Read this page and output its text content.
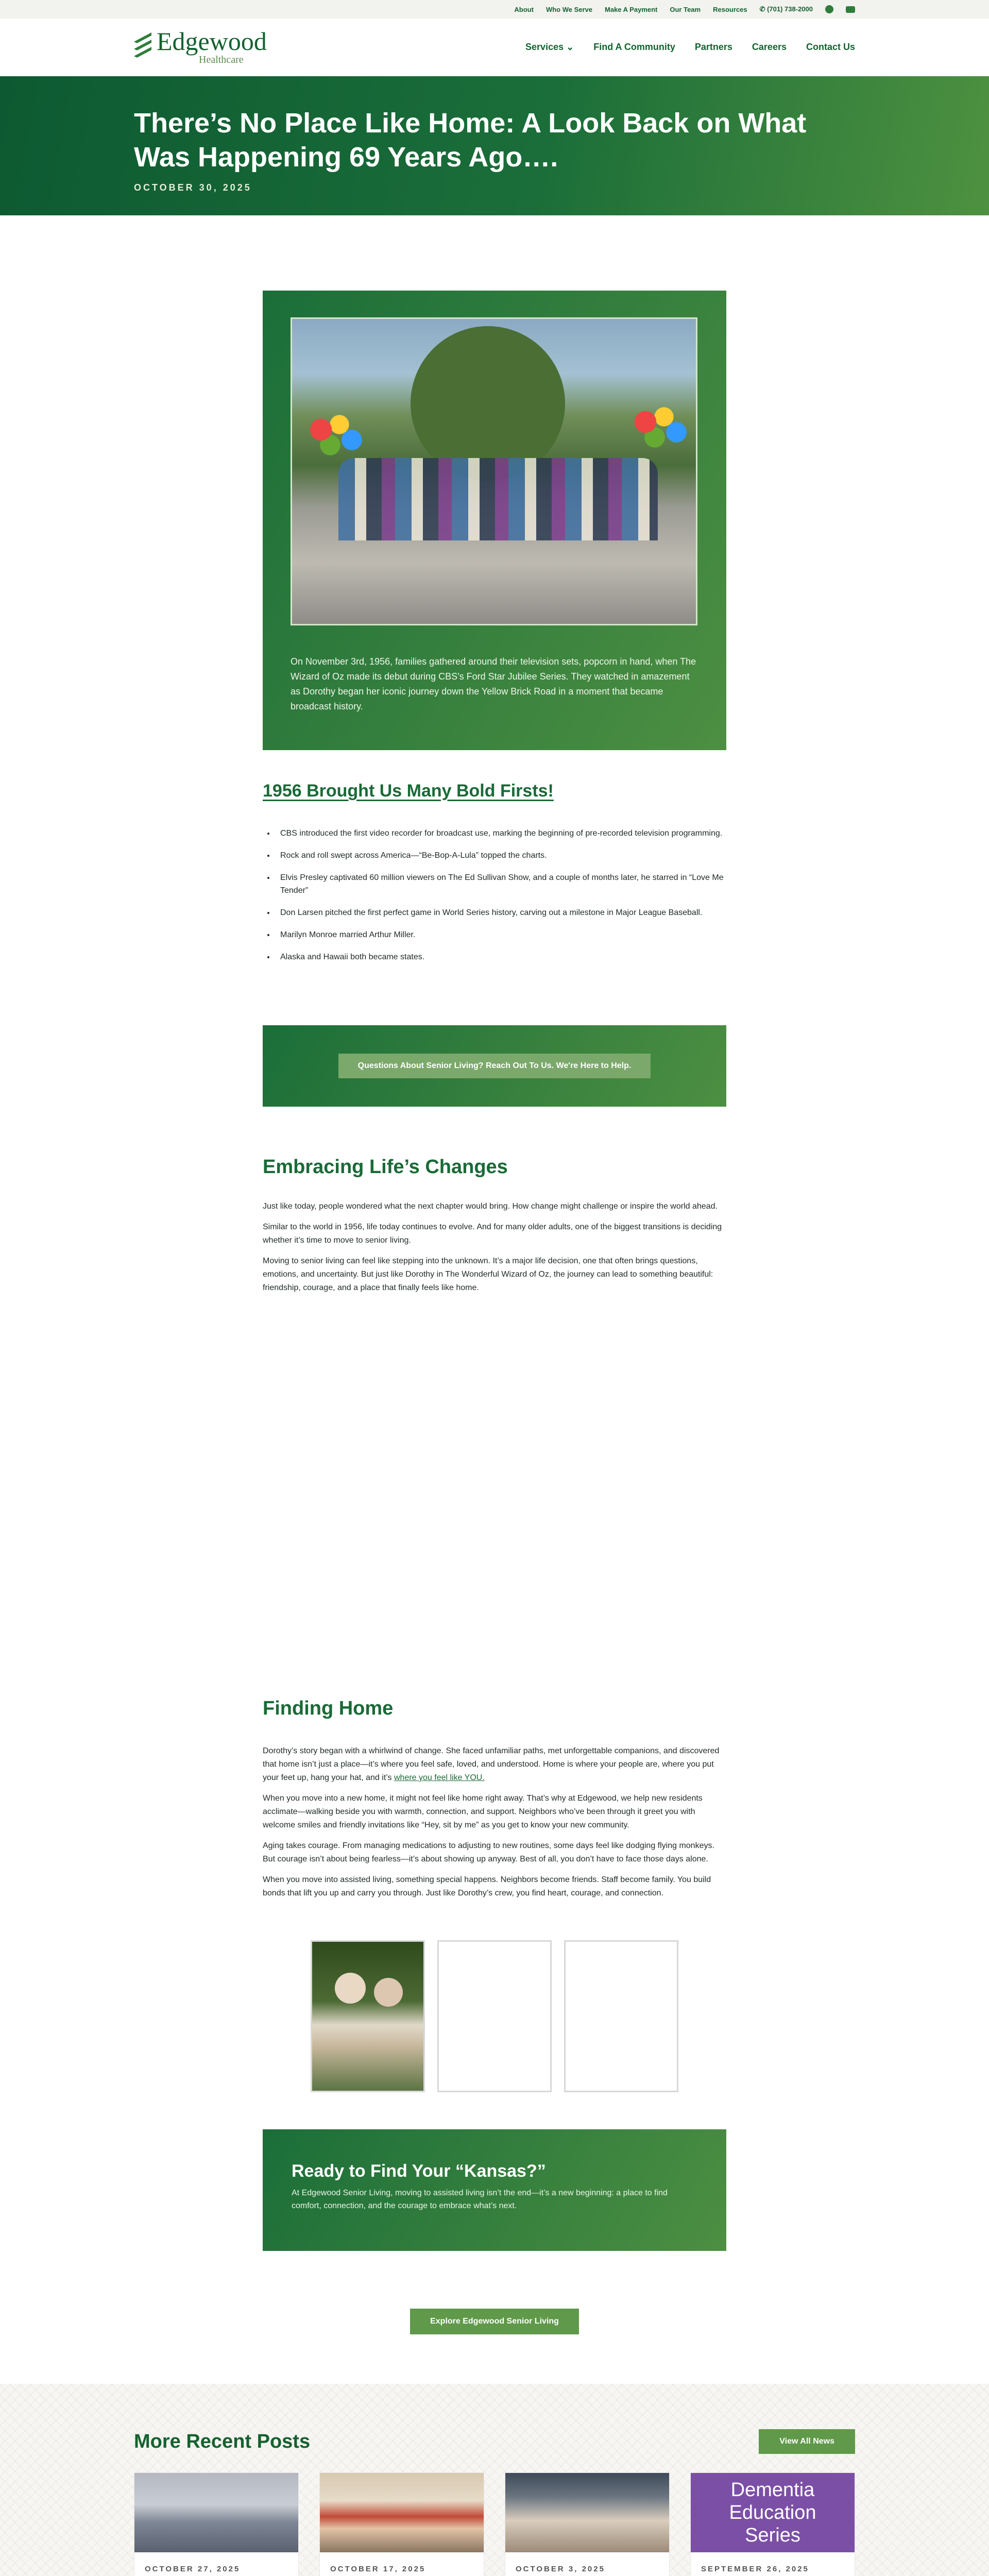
About Who We Serve Make A Payment Our Team Resources ✆ (701) 738-2000
Edgewood
Healthcare
Services ⌄ Find A Community Partners Careers Contact Us
There’s No Place Like Home: A Look Back on What Was Happening 69 Years Ago….
OCTOBER 30, 2025

On November 3rd, 1956, families gathered around their television sets, popcorn in hand, when The Wizard of Oz made its debut during CBS's Ford Star Jubilee Series. They watched in amazement as Dorothy began her iconic journey down the Yellow Brick Road in a moment that became broadcast history.

1956 Brought Us Many Bold Firsts!
• CBS introduced the first video recorder for broadcast use, marking the beginning of pre-recorded television programming.
• Rock and roll swept across America—“Be-Bop-A-Lula” topped the charts.
• Elvis Presley captivated 60 million viewers on The Ed Sullivan Show, and a couple of months later, he starred in “Love Me Tender”
• Don Larsen pitched the first perfect game in World Series history, carving out a milestone in Major League Baseball.
• Marilyn Monroe married Arthur Miller.
• Alaska and Hawaii both became states.
Questions About Senior Living? Reach Out To Us. We're Here to Help.
Embracing Life’s Changes

Just like today, people wondered what the next chapter would bring. How change might challenge or inspire the world ahead.

Similar to the world in 1956, life today continues to evolve. And for many older adults, one of the biggest transitions is deciding whether it’s time to move to senior living.

Moving to senior living can feel like stepping into the unknown. It’s a major life decision, one that often brings questions, emotions, and uncertainty. But just like Dorothy in The Wonderful Wizard of Oz, the journey can lead to something beautiful: friendship, courage, and a place that finally feels like home.

Finding Home

Dorothy’s story began with a whirlwind of change. She faced unfamiliar paths, met unforgettable companions, and discovered that home isn’t just a place—it’s where you feel safe, loved, and understood. Home is where your people are, where you put your feet up, hang your hat, and it’s where you feel like YOU.

When you move into a new home, it might not feel like home right away. That’s why at Edgewood, we help new residents acclimate—walking beside you with warmth, connection, and support. Neighbors who’ve been through it greet you with welcome smiles and friendly invitations like “Hey, sit by me” as you get to know your new community.

Aging takes courage. From managing medications to adjusting to new routines, some days feel like dodging flying monkeys. But courage isn’t about being fearless—it’s about showing up anyway. Best of all, you don’t have to face those days alone.

When you move into assisted living, something special happens. Neighbors become friends. Staff become family. You build bonds that lift you up and carry you through. Just like Dorothy’s crew, you find heart, courage, and connection.

Ready to Find Your “Kansas?”

At Edgewood Senior Living, moving to assisted living isn’t the end—it’s a new beginning: a place to find comfort, connection, and the courage to embrace what’s next.

Explore Edgewood Senior Living
More Recent Posts	View All News
OCTOBER 27, 2025	OCTOBER 17, 2025	OCTOBER 3, 2025

Dementia
Education
Series
SEPTEMBER 26, 2025
